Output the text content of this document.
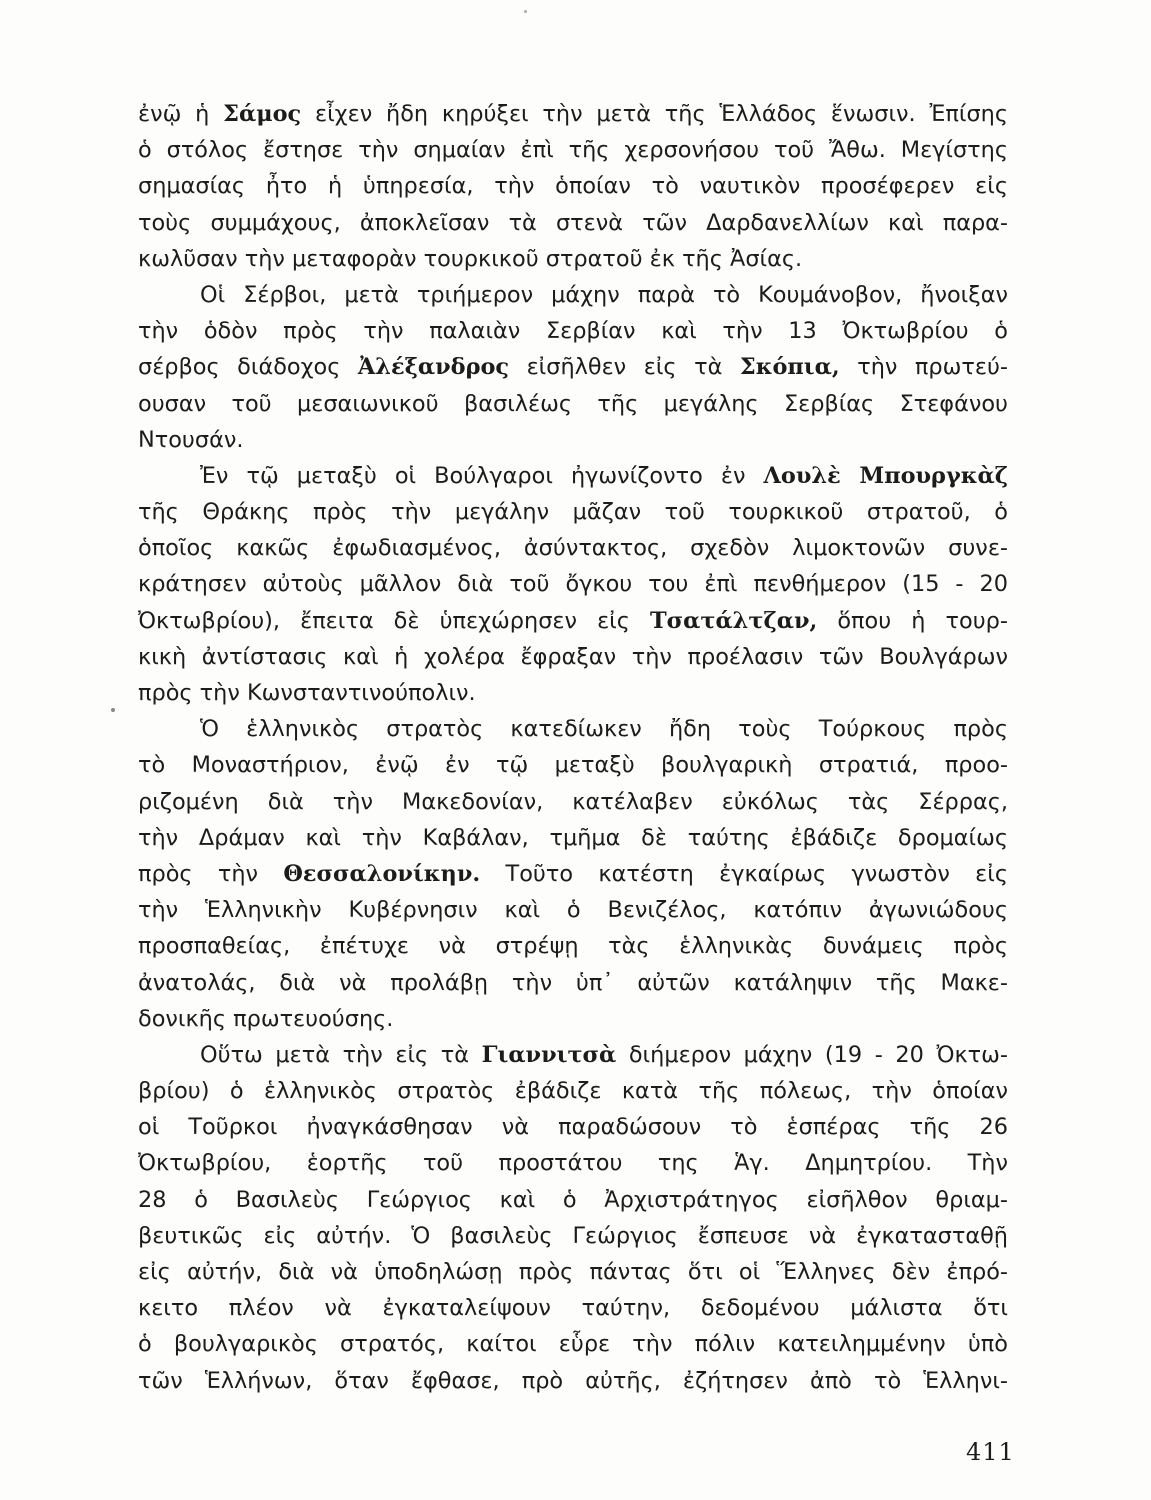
ἐνῷ ἡ Σάμος εἶχεν ἤδη κηρύξει τὴν μετὰ τῆς Ἑλλάδος ἕνωσιν. Ἐπίσης
ὁ στόλος ἔστησε τὴν σημαίαν ἐπὶ τῆς χερσονήσου τοῦ Ἄθω. Μεγίστης
σημασίας ἦτο ἡ ὑπηρεσία, τὴν ὁποίαν τὸ ναυτικὸν προσέφερεν εἰς
τοὺς συμμάχους, ἀποκλεῖσαν τὰ στενὰ τῶν Δαρδανελλίων καὶ παρα-
κωλῦσαν τὴν μεταφορὰν τουρκικοῦ στρατοῦ ἐκ τῆς Ἀσίας.
Οἱ Σέρβοι, μετὰ τριήμερον μάχην παρὰ τὸ Κουμάνοβον, ἤνοιξαν
τὴν ὁδὸν πρὸς τὴν παλαιὰν Σερβίαν καὶ τὴν 13 Ὀκτωβρίου ὁ
σέρβος διάδοχος Ἀλέξανδρος εἰσῆλθεν εἰς τὰ Σκόπια, τὴν πρωτεύ-
ουσαν τοῦ μεσαιωνικοῦ βασιλέως τῆς μεγάλης Σερβίας Στεφάνου
Ντουσάν.
Ἐν τῷ μεταξὺ οἱ Βούλγαροι ἠγωνίζοντο ἐν Λουλὲ Μπουργκὰζ
τῆς Θράκης πρὸς τὴν μεγάλην μᾶζαν τοῦ τουρκικοῦ στρατοῦ, ὁ
ὁποῖος κακῶς ἐφωδιασμένος, ἀσύντακτος, σχεδὸν λιμοκτονῶν συνε-
κράτησεν αὐτοὺς μᾶλλον διὰ τοῦ ὄγκου του ἐπὶ πενθήμερον (15 - 20
Ὀκτωβρίου), ἔπειτα δὲ ὑπεχώρησεν εἰς Τσατάλτζαν, ὅπου ἡ τουρ-
κικὴ ἀντίστασις καὶ ἡ χολέρα ἔφραξαν τὴν προέλασιν τῶν Βουλγάρων
πρὸς τὴν Κωνσταντινούπολιν.
Ὁ ἑλληνικὸς στρατὸς κατεδίωκεν ἤδη τοὺς Τούρκους πρὸς
τὸ Μοναστήριον, ἐνῷ ἐν τῷ μεταξὺ βουλγαρικὴ στρατιά, προο-
ριζομένη διὰ τὴν Μακεδονίαν, κατέλαβεν εὐκόλως τὰς Σέρρας,
τὴν Δράμαν καὶ τὴν Καβάλαν, τμῆμα δὲ ταύτης ἐβάδιζε δρομαίως
πρὸς τὴν Θεσσαλονίκην. Τοῦτο κατέστη ἐγκαίρως γνωστὸν εἰς
τὴν Ἑλληνικὴν Κυβέρνησιν καὶ ὁ Βενιζέλος, κατόπιν ἀγωνιώδους
προσπαθείας, ἐπέτυχε νὰ στρέψῃ τὰς ἑλληνικὰς δυνάμεις πρὸς
ἀνατολάς, διὰ νὰ προλάβῃ τὴν ὑπ᾽ αὐτῶν κατάληψιν τῆς Μακε-
δονικῆς πρωτευούσης.
Οὕτω μετὰ τὴν εἰς τὰ Γιαννιτσὰ διήμερον μάχην (19 - 20 Ὀκτω-
βρίου) ὁ ἑλληνικὸς στρατὸς ἐβάδιζε κατὰ τῆς πόλεως, τὴν ὁποίαν
οἱ Τοῦρκοι ἠναγκάσθησαν νὰ παραδώσουν τὸ ἑσπέρας τῆς 26
Ὀκτωβρίου, ἑορτῆς τοῦ προστάτου της Ἁγ. Δημητρίου. Τὴν
28 ὁ Βασιλεὺς Γεώργιος καὶ ὁ Ἀρχιστράτηγος εἰσῆλθον θριαμ-
βευτικῶς εἰς αὐτήν. Ὁ βασιλεὺς Γεώργιος ἔσπευσε νὰ ἐγκατασταθῇ
εἰς αὐτήν, διὰ νὰ ὑποδηλώσῃ πρὸς πάντας ὅτι οἱ Ἕλληνες δὲν ἐπρό-
κειτο πλέον νὰ ἐγκαταλείψουν ταύτην, δεδομένου μάλιστα ὅτι
ὁ βουλγαρικὸς στρατός, καίτοι εὗρε τὴν πόλιν κατειλημμένην ὑπὸ
τῶν Ἑλλήνων, ὅταν ἔφθασε, πρὸ αὐτῆς, ἐζήτησεν ἀπὸ τὸ Ἑλληνι-
411
